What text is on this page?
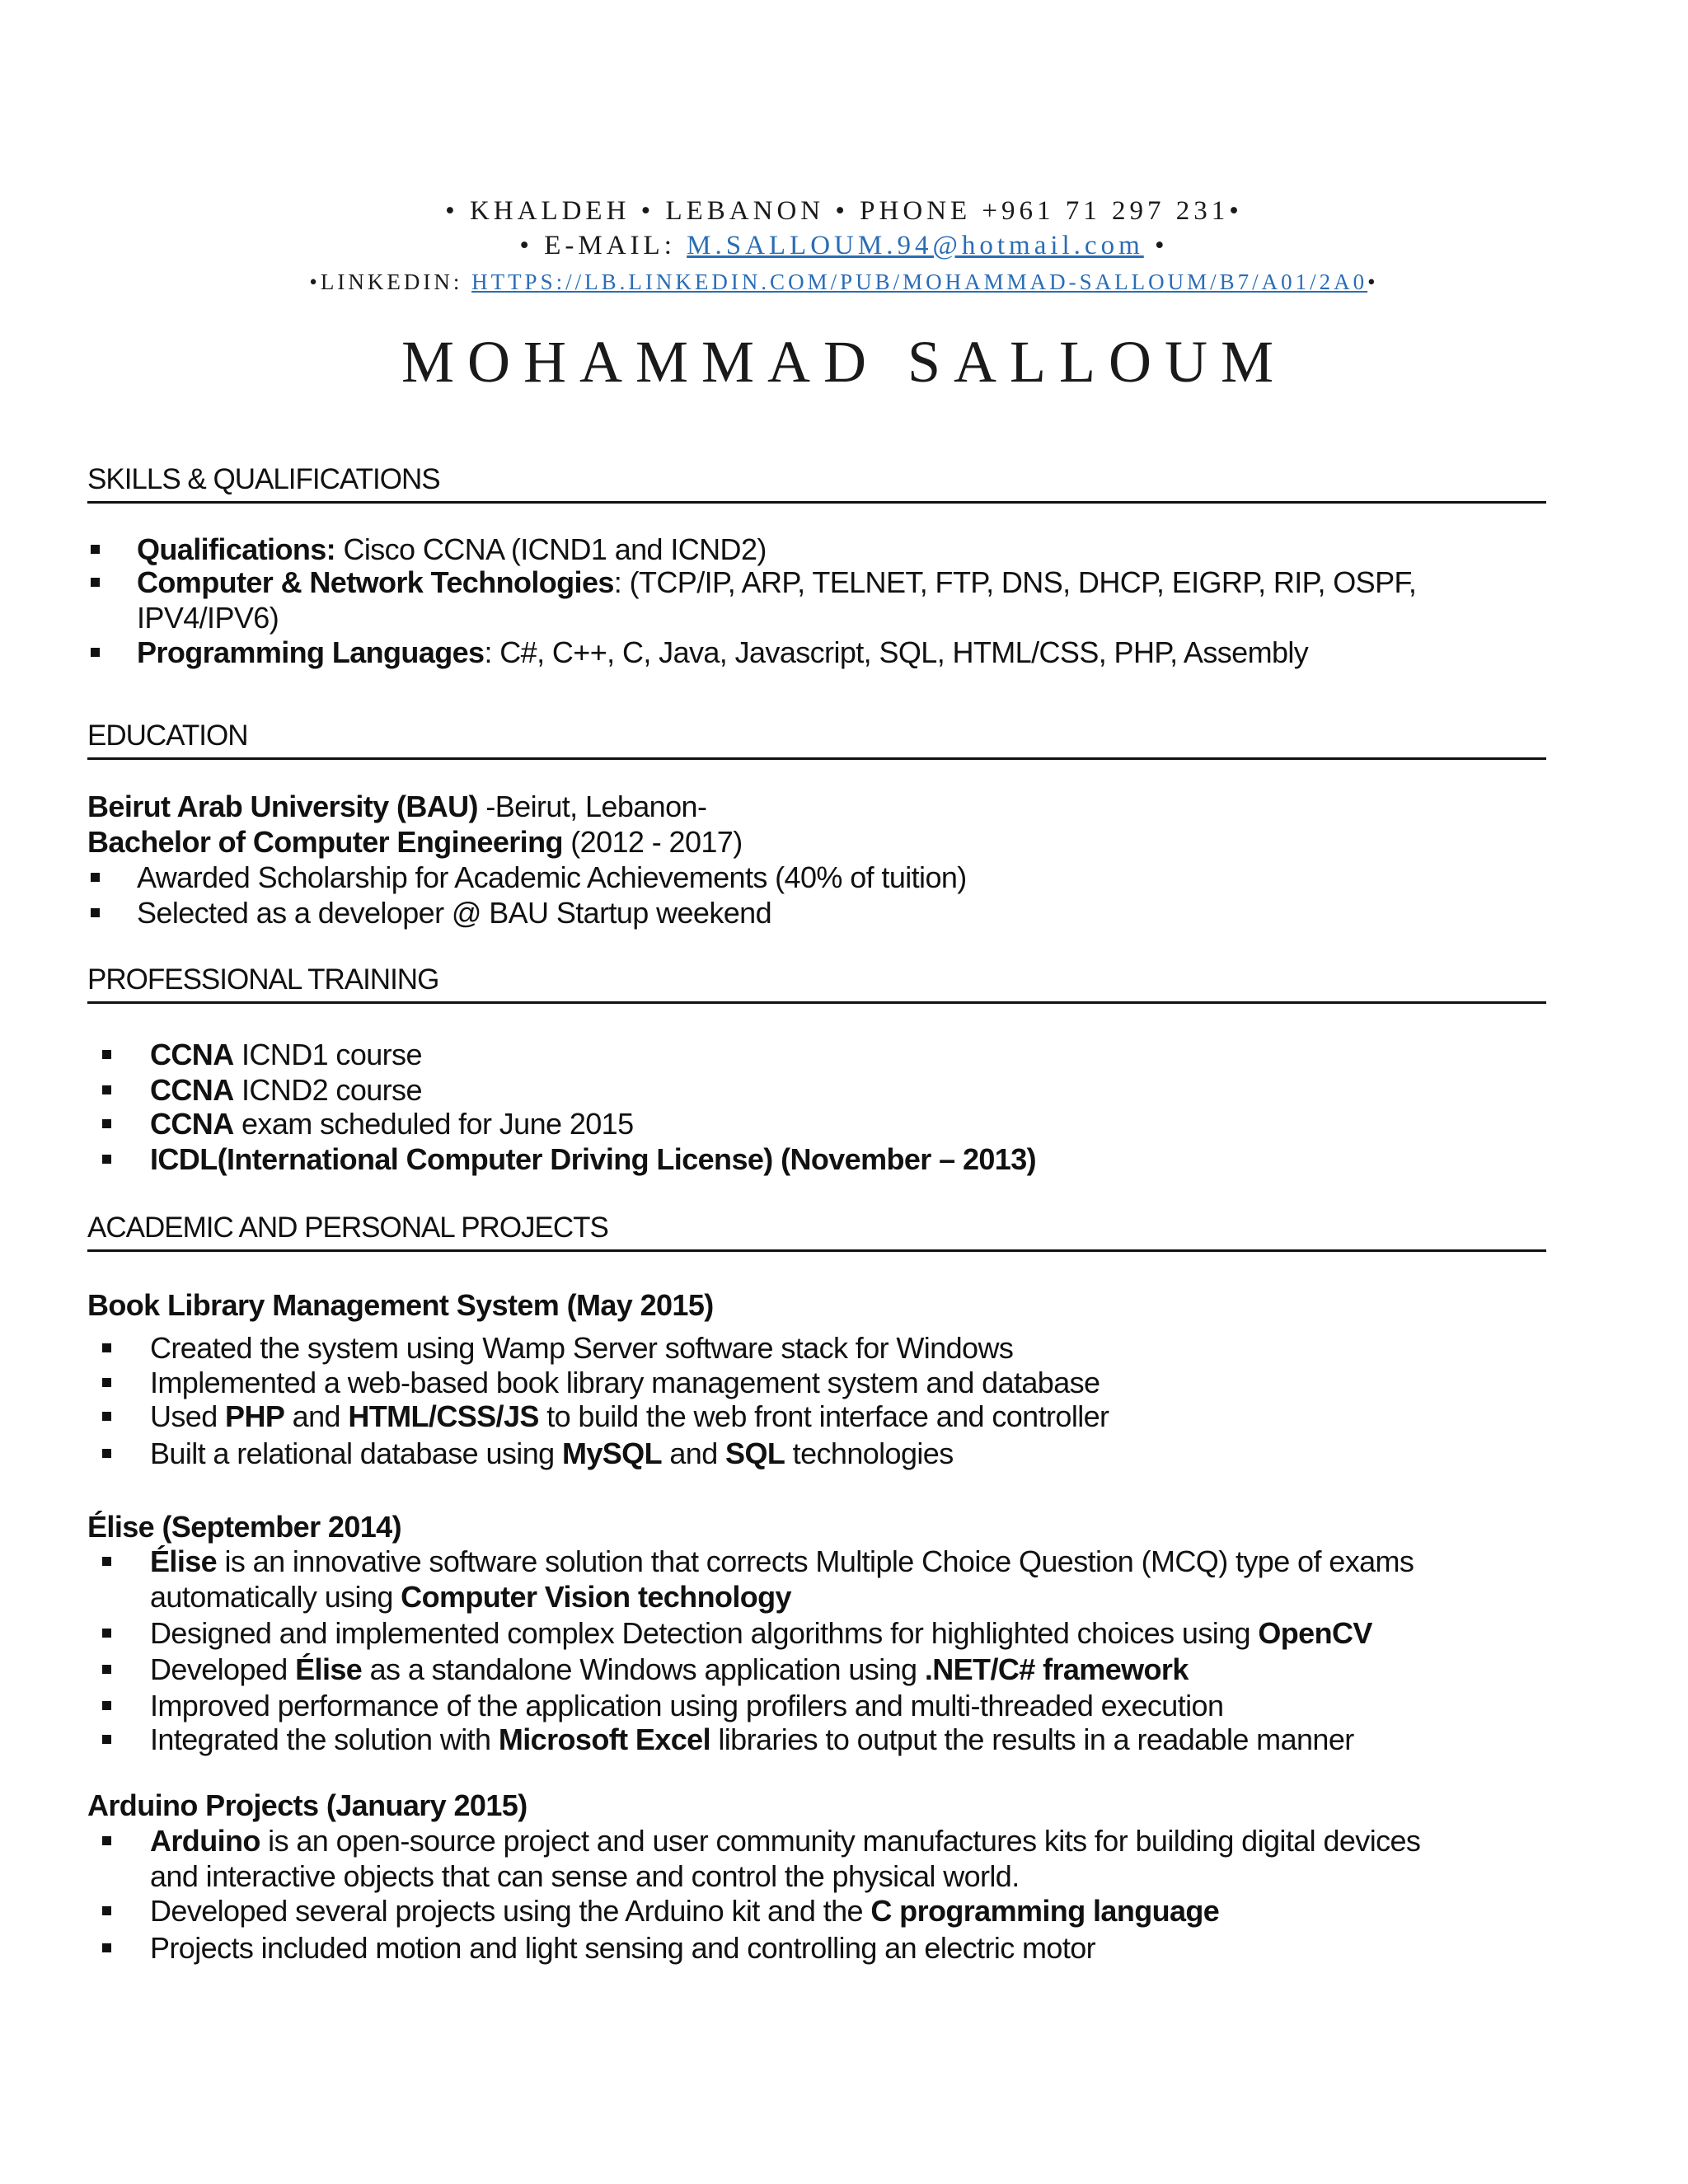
• KHALDEH • LEBANON • PHONE +961 71 297 231•
• E-MAIL: M.SALLOUM.94@hotmail.com •
•LINKEDIN: HTTPS://LB.LINKEDIN.COM/PUB/MOHAMMAD-SALLOUM/B7/A01/2A0•
MOHAMMAD SALLOUM
SKILLS & QUALIFICATIONS
Qualifications: Cisco CCNA (ICND1 and ICND2)
Computer & Network Technologies: (TCP/IP, ARP, TELNET, FTP, DNS, DHCP, EIGRP, RIP, OSPF,
IPV4/IPV6)
Programming Languages: C#, C++, C, Java, Javascript, SQL, HTML/CSS, PHP, Assembly
EDUCATION
Beirut Arab University (BAU) -Beirut, Lebanon-
Bachelor of Computer Engineering (2012 - 2017)
Awarded Scholarship for Academic Achievements (40% of tuition)
Selected as a developer @ BAU Startup weekend
PROFESSIONAL TRAINING
CCNA ICND1 course
CCNA ICND2 course
CCNA exam scheduled for June 2015
ICDL(International Computer Driving License) (November – 2013)
ACADEMIC AND PERSONAL PROJECTS
Book Library Management System (May 2015)
Created the system using Wamp Server software stack for Windows
Implemented a web-based book library management system and database
Used PHP and HTML/CSS/JS to build the web front interface and controller
Built a relational database using MySQL and SQL technologies
Élise (September 2014)
Élise is an innovative software solution that corrects Multiple Choice Question (MCQ) type of exams
automatically using Computer Vision technology
Designed and implemented complex Detection algorithms for highlighted choices using OpenCV
Developed Élise as a standalone Windows application using .NET/C# framework
Improved performance of the application using profilers and multi-threaded execution
Integrated the solution with Microsoft Excel libraries to output the results in a readable manner
Arduino Projects (January 2015)
Arduino is an open-source project and user community manufactures kits for building digital devices
and interactive objects that can sense and control the physical world.
Developed several projects using the Arduino kit and the C programming language
Projects included motion and light sensing and controlling an electric motor
